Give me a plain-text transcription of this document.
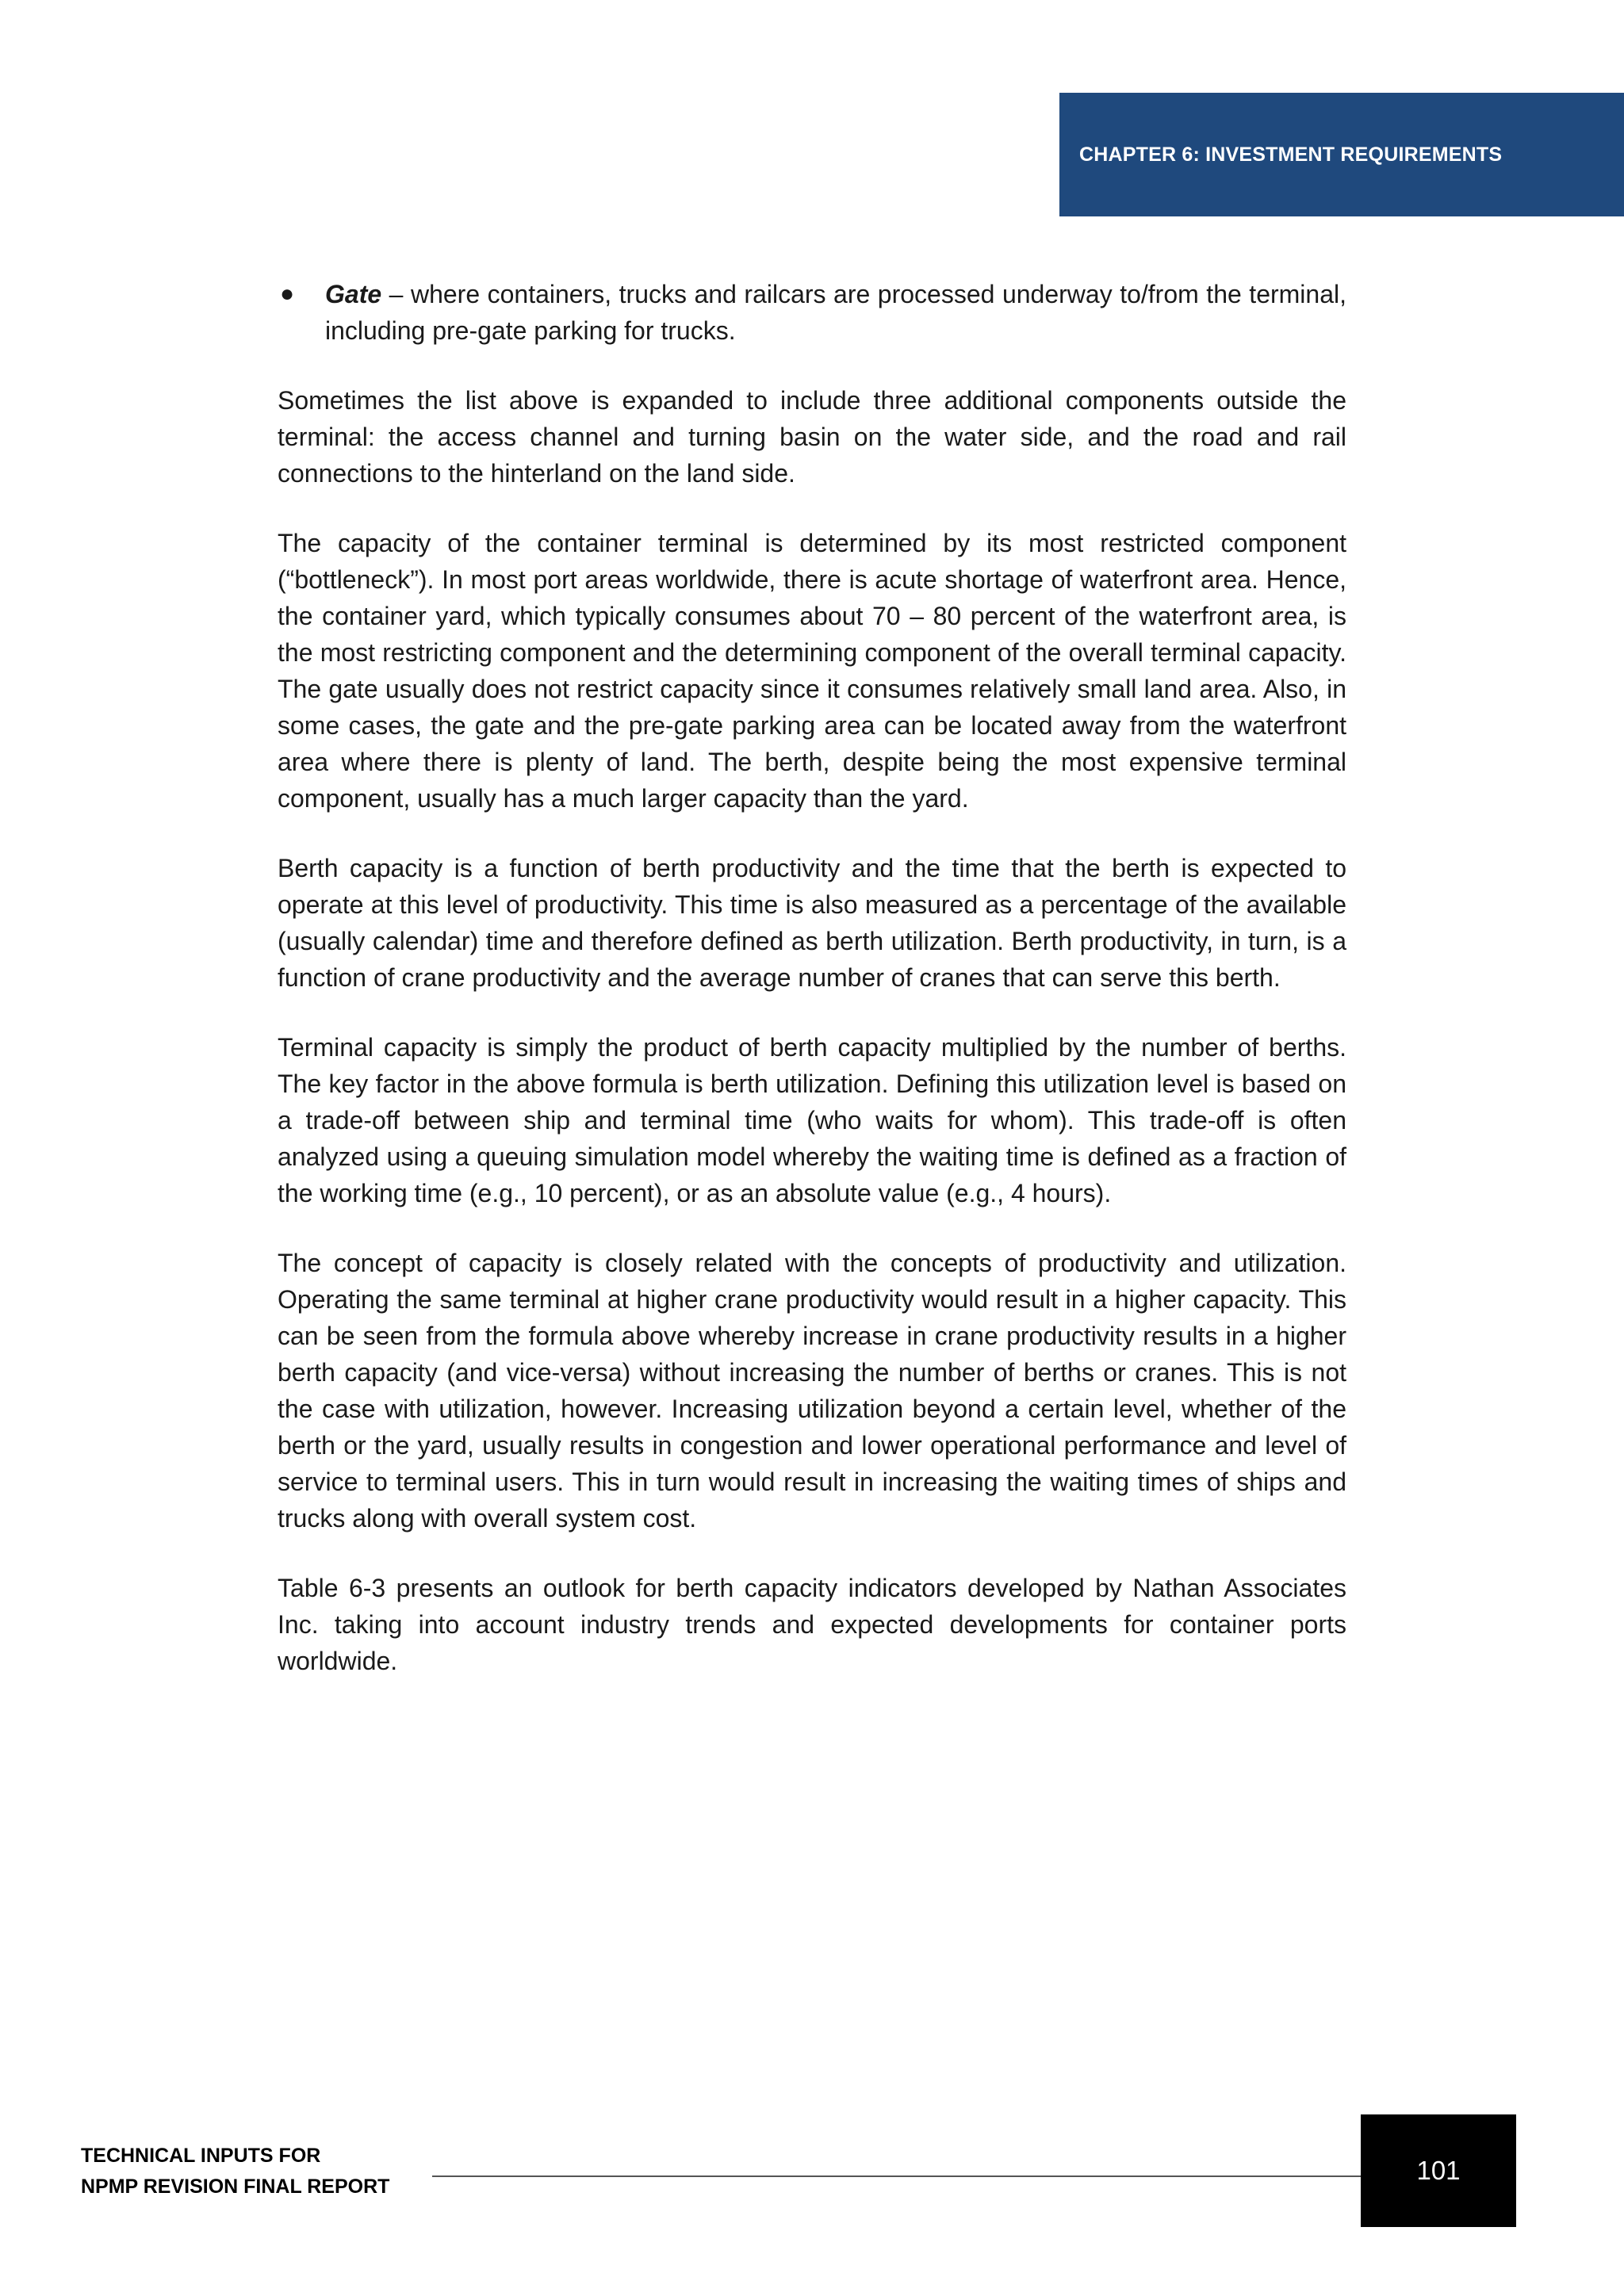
CHAPTER 6: INVESTMENT REQUIREMENTS
● Gate – where containers, trucks and railcars are processed underway to/from the terminal, including pre-gate parking for trucks.

Sometimes the list above is expanded to include three additional components outside the terminal: the access channel and turning basin on the water side, and the road and rail connections to the hinterland on the land side.

The capacity of the container terminal is determined by its most restricted component (“bottleneck”). In most port areas worldwide, there is acute shortage of waterfront area. Hence, the container yard, which typically consumes about 70 – 80 percent of the waterfront area, is the most restricting component and the determining component of the overall terminal capacity. The gate usually does not restrict capacity since it consumes relatively small land area. Also, in some cases, the gate and the pre-gate parking area can be located away from the waterfront area where there is plenty of land. The berth, despite being the most expensive terminal component, usually has a much larger capacity than the yard.

Berth capacity is a function of berth productivity and the time that the berth is expected to operate at this level of productivity. This time is also measured as a percentage of the available (usually calendar) time and therefore defined as berth utilization. Berth productivity, in turn, is a function of crane productivity and the average number of cranes that can serve this berth.

Terminal capacity is simply the product of berth capacity multiplied by the number of berths. The key factor in the above formula is berth utilization. Defining this utilization level is based on a trade-off between ship and terminal time (who waits for whom). This trade-off is often analyzed using a queuing simulation model whereby the waiting time is defined as a fraction of the working time (e.g., 10 percent), or as an absolute value (e.g., 4 hours).

The concept of capacity is closely related with the concepts of productivity and utilization. Operating the same terminal at higher crane productivity would result in a higher capacity. This can be seen from the formula above whereby increase in crane productivity results in a higher berth capacity (and vice-versa) without increasing the number of berths or cranes. This is not the case with utilization, however. Increasing utilization beyond a certain level, whether of the berth or the yard, usually results in congestion and lower operational performance and level of service to terminal users. This in turn would result in increasing the waiting times of ships and trucks along with overall system cost.

Table 6-3 presents an outlook for berth capacity indicators developed by Nathan Associates Inc. taking into account industry trends and expected developments for container ports worldwide.

TECHNICAL INPUTS FOR
NPMP REVISION FINAL REPORT
101
